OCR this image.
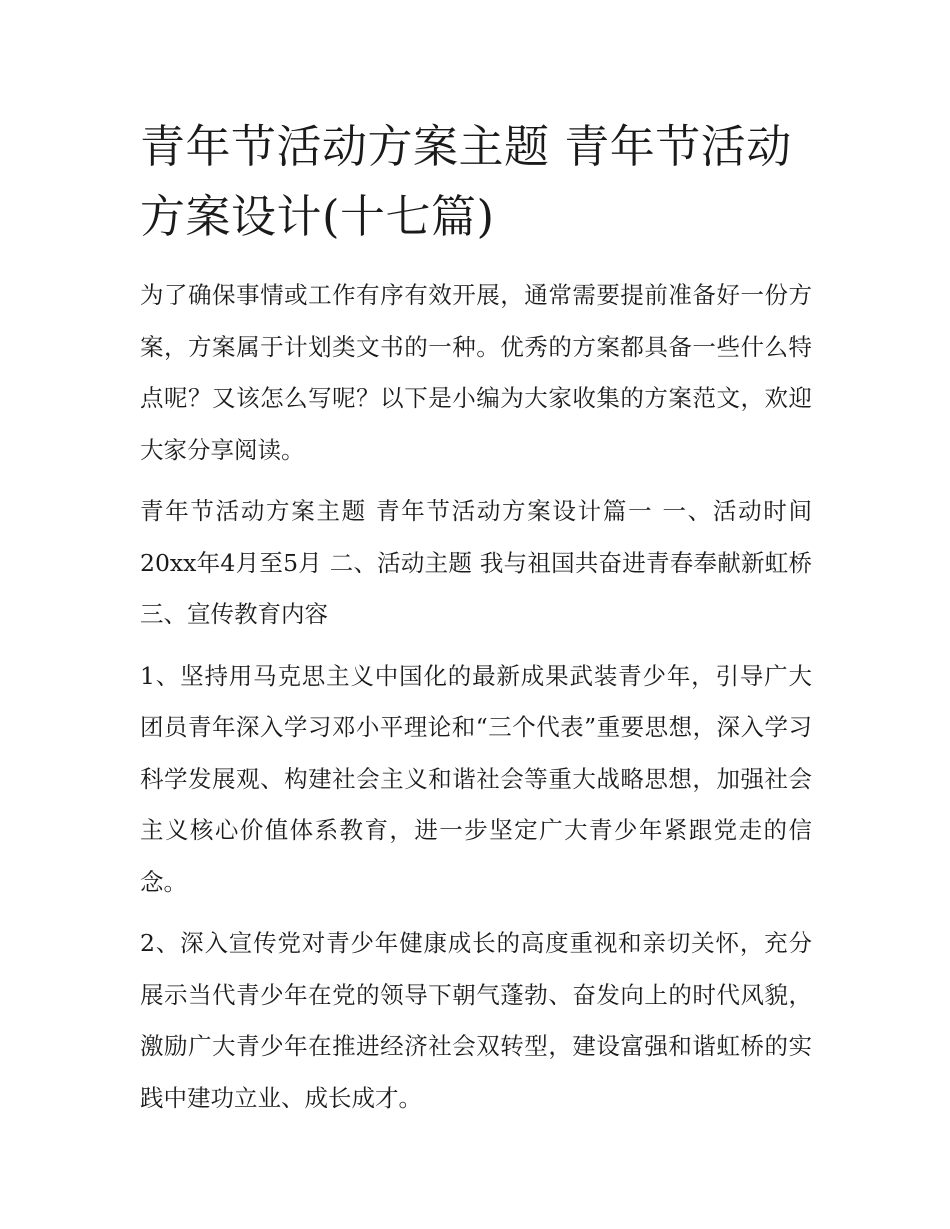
青年节活动方案主题 青年节活动方案设计(十七篇)

为了确保事情或工作有序有效开展，通常需要提前准备好一份方案，方案属于计划类文书的一种。优秀的方案都具备一些什么特点呢？又该怎么写呢？以下是小编为大家收集的方案范文，欢迎大家分享阅读。

青年节活动方案主题 青年节活动方案设计篇一 一、活动时间 20xx年4月至5月 二、活动主题 我与祖国共奋进青春奉献新虹桥 三、宣传教育内容

1、坚持用马克思主义中国化的最新成果武装青少年，引导广大团员青年深入学习邓小平理论和“三个代表”重要思想，深入学习科学发展观、构建社会主义和谐社会等重大战略思想，加强社会主义核心价值体系教育，进一步坚定广大青少年紧跟党走的信念。

2、深入宣传党对青少年健康成长的高度重视和亲切关怀，充分展示当代青少年在党的领导下朝气蓬勃、奋发向上的时代风貌，激励广大青少年在推进经济社会双转型，建设富强和谐虹桥的实践中建功立业、成长成才。
